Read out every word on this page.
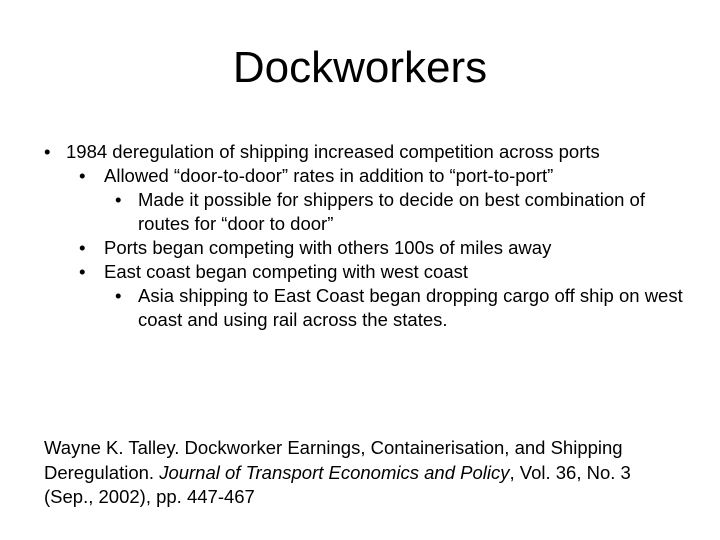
Dockworkers
• 1984 deregulation of shipping increased competition across ports
• Allowed “door-to-door” rates in addition to “port-to-port”
• Made it possible for shippers to decide on best combination of routes for “door to door”
• Ports began competing with others 100s of miles away
• East coast began competing with west coast
• Asia shipping to East Coast began dropping cargo off ship on west coast and using rail across the states.

Wayne K. Talley. Dockworker Earnings, Containerisation, and Shipping Deregulation. Journal of Transport Economics and Policy, Vol. 36, No. 3 (Sep., 2002), pp. 447-467
